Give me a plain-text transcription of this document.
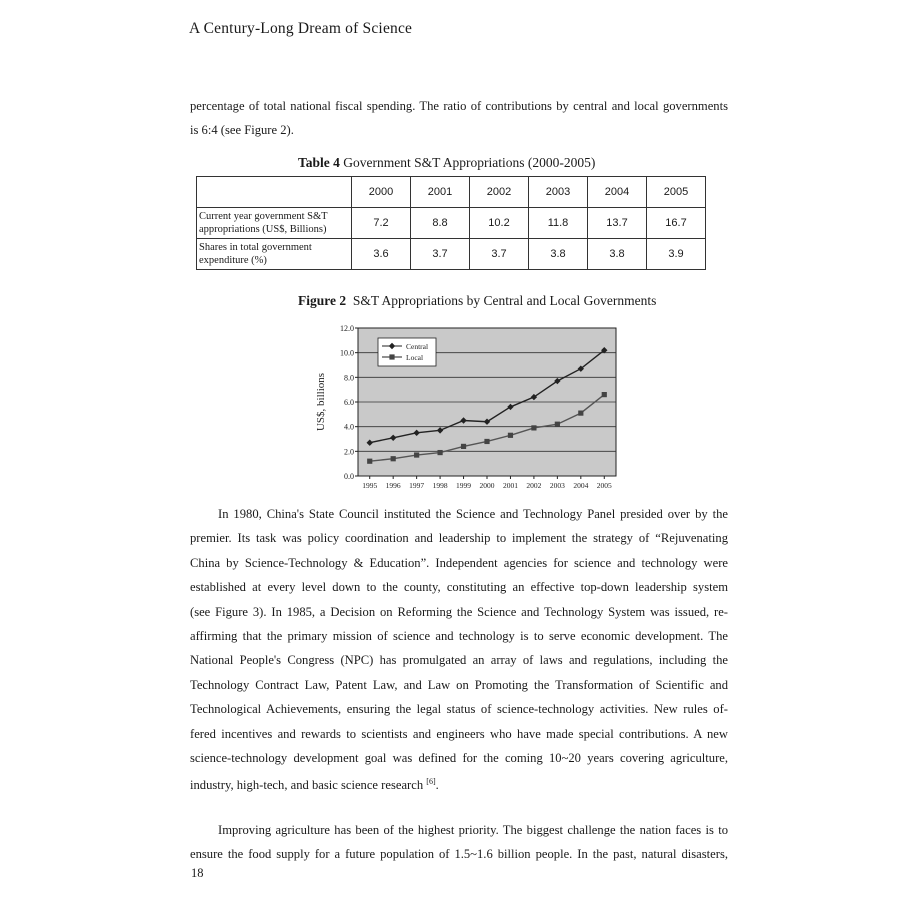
A Century-Long Dream of Science
percentage of total national fiscal spending. The ratio of contributions by central and local governments
is 6:4 (see Figure 2).
Table 4 Government S&T Appropriations (2000-2005)
	2000	2001	2002	2003	2004	2005
Current year government S&T
appropriations (US$, Billions)	7.2	8.8	10.2	11.8	13.7	16.7
Shares in total government
expenditure (%)	3.6	3.7	3.7	3.8	3.8	3.9
Figure 2 S&T Appropriations by Central and Local Governments
0.0
2.0
4.0
6.0
8.0
10.0
12.0
1995 1996 1997 1998 1999 2000 2001 2002 2003 2004 2005
US$, billions
Central
Local
In 1980, China's State Council instituted the Science and Technology Panel presided over by the
premier. Its task was policy coordination and leadership to implement the strategy of “Rejuvenating
China by Science-Technology & Education”. Independent agencies for science and technology were
established at every level down to the county, constituting an effective top-down leadership system
(see Figure 3). In 1985, a Decision on Reforming the Science and Technology System was issued, re-
affirming that the primary mission of science and technology is to serve economic development. The
National People's Congress (NPC) has promulgated an array of laws and regulations, including the
Technology Contract Law, Patent Law, and Law on Promoting the Transformation of Scientific and
Technological Achievements, ensuring the legal status of science-technology activities. New rules of-
fered incentives and rewards to scientists and engineers who have made special contributions. A new
science-technology development goal was defined for the coming 10~20 years covering agriculture,
industry, high-tech, and basic science research [6].
Improving agriculture has been of the highest priority. The biggest challenge the nation faces is to
ensure the food supply for a future population of 1.5~1.6 billion people. In the past, natural disasters,
18
